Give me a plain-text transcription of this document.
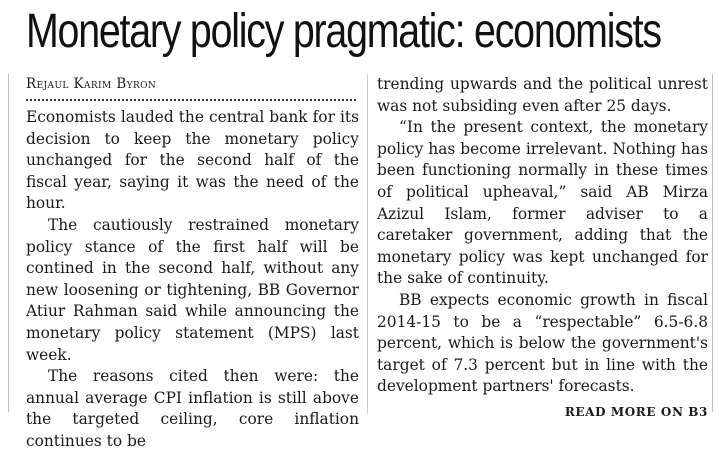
Monetary policy pragmatic: economists
Rejaul Karim Byron

Economists lauded the central bank for its decision to keep the monetary policy unchanged for the second half of the fiscal year, saying it was the need of the hour.

The cautiously restrained monetary policy stance of the first half will be contined in the second half, without any new loosening or tightening, BB Governor Atiur Rahman said while announcing the monetary policy statement (MPS) last week.

The reasons cited then were: the annual average CPI inflation is still above the targeted ceiling, core inflation continues to be

trending upwards and the political unrest was not subsiding even after 25 days.

“In the present context, the monetary policy has become irrelevant. Nothing has been functioning normally in these times of political upheaval,” said AB Mirza Azizul Islam, former adviser to a caretaker government, adding that the monetary policy was kept unchanged for the sake of continuity.

BB expects economic growth in fiscal 2014-15 to be a “respectable” 6.5-6.8 percent, which is below the government's target of 7.3 percent but in line with the development partners' forecasts.

READ MORE ON B3
